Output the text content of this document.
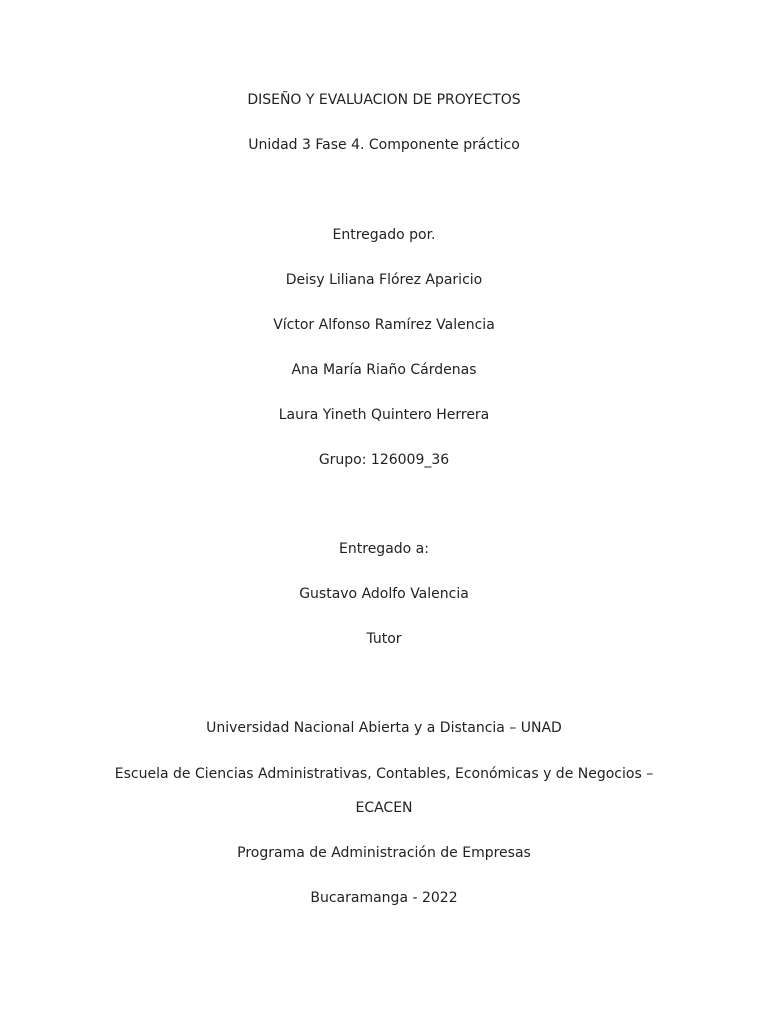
DISEÑO Y EVALUACION DE PROYECTOS
Unidad 3 Fase 4. Componente práctico
Entregado por.
Deisy Liliana Flórez Aparicio
Víctor Alfonso Ramírez Valencia
Ana María Riaño Cárdenas
Laura Yineth Quintero Herrera
Grupo: 126009_36
Entregado a:
Gustavo Adolfo Valencia
Tutor
Universidad Nacional Abierta y a Distancia – UNAD
Escuela de Ciencias Administrativas, Contables, Económicas y de Negocios –
ECACEN
Programa de Administración de Empresas
Bucaramanga - 2022
